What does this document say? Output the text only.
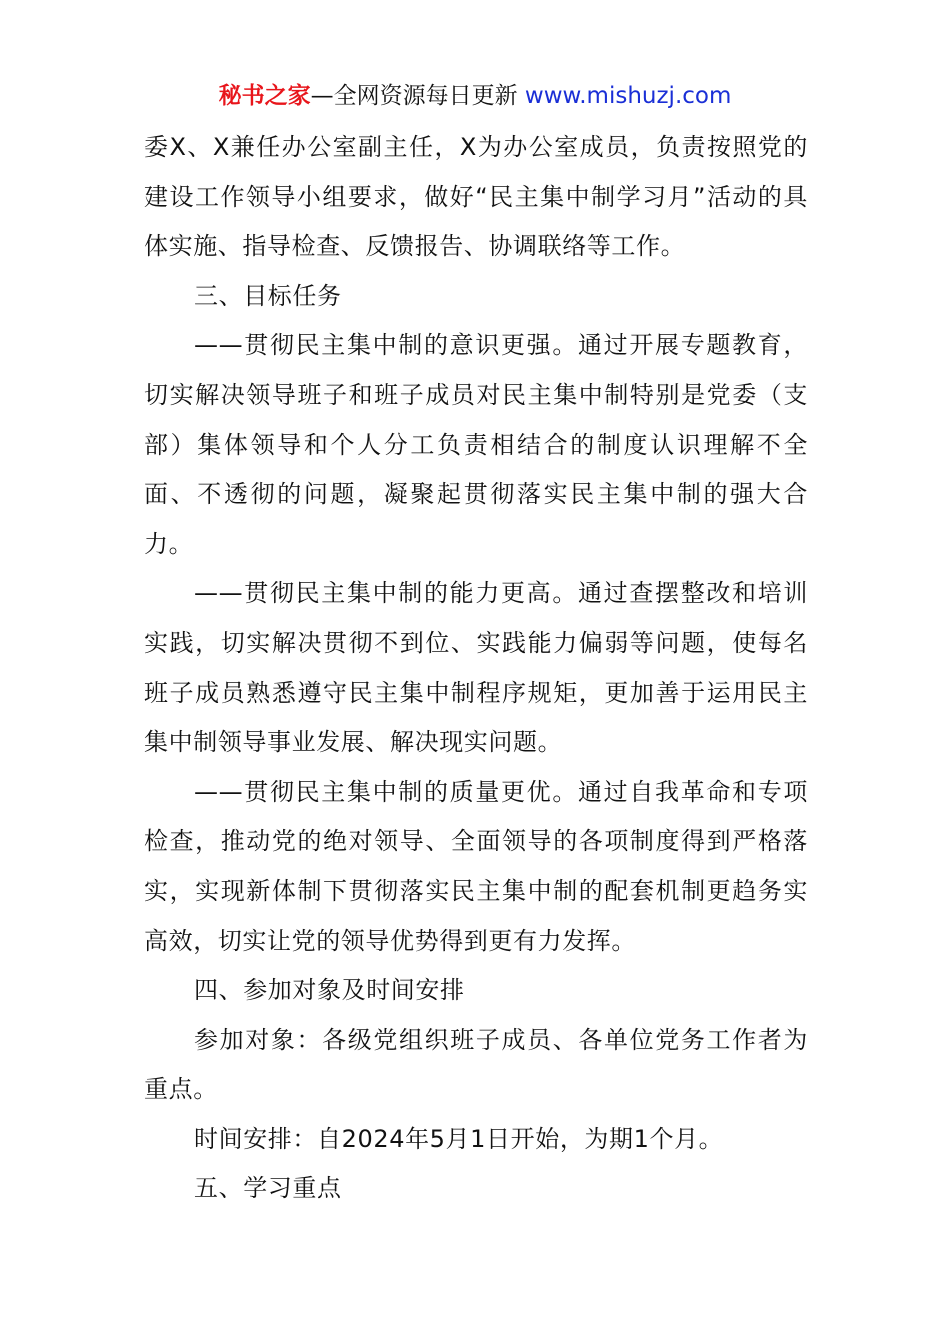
秘书之家—全网资源每日更新 www.mishuzj.com

委X、X兼任办公室副主任，X为办公室成员，负责按照党的建设工作领导小组要求，做好“民主集中制学习月”活动的具体实施、指导检查、反馈报告、协调联络等工作。

三、目标任务

——贯彻民主集中制的意识更强。通过开展专题教育，切实解决领导班子和班子成员对民主集中制特别是党委（支部）集体领导和个人分工负责相结合的制度认识理解不全面、不透彻的问题，凝聚起贯彻落实民主集中制的强大合力。

——贯彻民主集中制的能力更高。通过查摆整改和培训实践，切实解决贯彻不到位、实践能力偏弱等问题，使每名班子成员熟悉遵守民主集中制程序规矩，更加善于运用民主集中制领导事业发展、解决现实问题。

——贯彻民主集中制的质量更优。通过自我革命和专项检查，推动党的绝对领导、全面领导的各项制度得到严格落实，实现新体制下贯彻落实民主集中制的配套机制更趋务实高效，切实让党的领导优势得到更有力发挥。

四、参加对象及时间安排

参加对象：各级党组织班子成员、各单位党务工作者为重点。

时间安排：自2024年5月1日开始，为期1个月。

五、学习重点
